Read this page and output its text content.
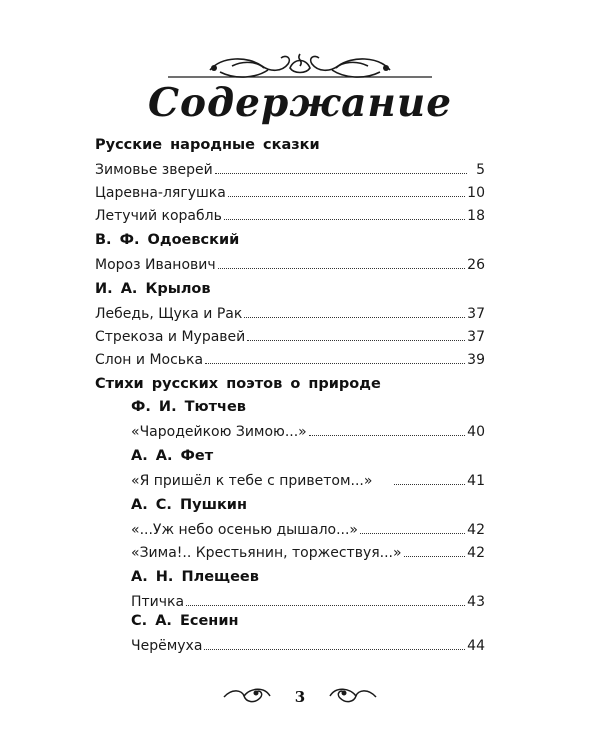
Содержание
Русские народные сказки
Зимовье зверей	5
Царевна-лягушка	10
Летучий корабль	18
В. Ф. Одоевский
Мороз Иванович	26
И. А. Крылов
Лебедь, Щука и Рак	37
Стрекоза и Муравей	37
Слон и Моська	39
Стихи русских поэтов о природе
Ф. И. Тютчев
«Чародейкою Зимою...»	40
А. А. Фет
«Я пришёл к тебе с приветом...»	41
А. С. Пушкин
«...Уж небо осенью дышало...»	42
«Зима!.. Крестьянин, торжествуя...»	42
А. Н. Плещеев
Птичка	43
С. А. Есенин
Черёмуха	44
3
